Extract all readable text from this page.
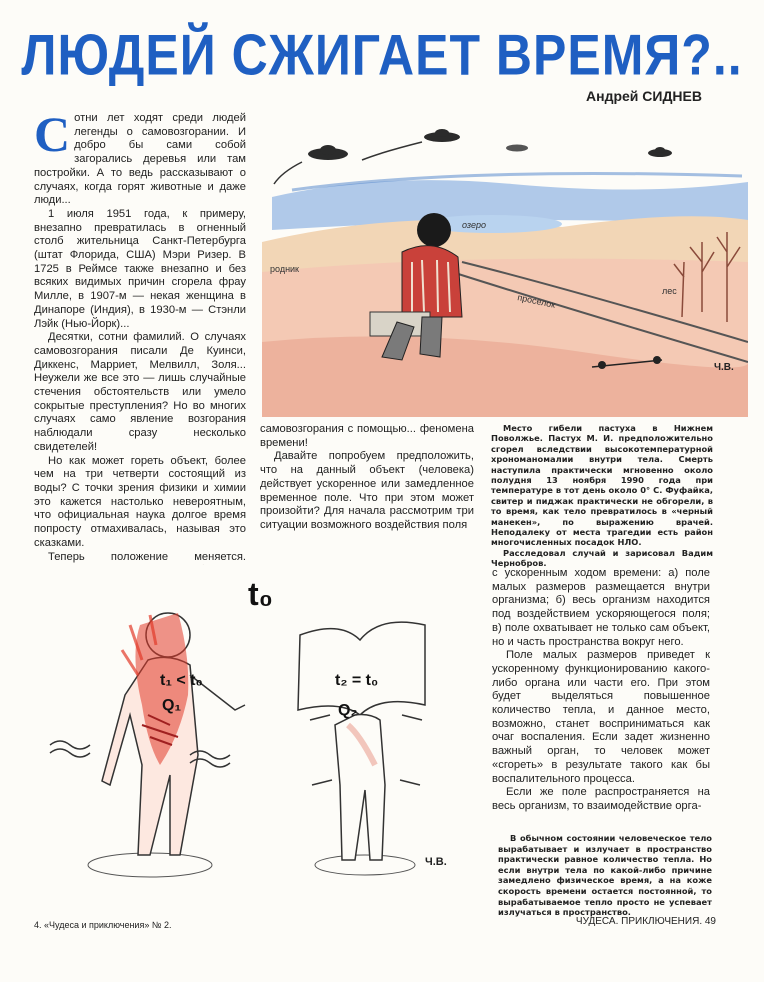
ЛЮДЕЙ СЖИГАЕТ ВРЕМЯ?..
Андрей СИДНЕВ

Сотни лет ходят среди людей легенды о самовозгорании. И добро бы сами собой загорались деревья или там постройки. А то ведь рассказывают о случаях, когда горят животные и даже люди...

1 июля 1951 года, к примеру, внезапно превратилась в огненный столб жительница Санкт-Петербурга (штат Флорида, США) Мэри Ризер. В 1725 в Реймсе также внезапно и без всяких видимых причин сгорела фрау Милле, в 1907-м — некая женщина в Динапоре (Индия), в 1930-м — Стэнли Лэйк (Нью-Йорк)...

Десятки, сотни фамилий. О случаях самовозгорания писали Де Куинси, Диккенс, Марриет, Мелвилл, Золя... Неужели же все это — лишь случайные стечения обстоятельств или умело сокрытые преступления? Но во многих случаях само явление возгорания наблюдали сразу несколько свидетелей!

Но как может гореть объект, более чем на три четверти состоящий из воды? С точки зрения физики и химии это кажется настолько невероятным, что официальная наука долгое время попросту отмахивалась, называя это сказками.

Теперь положение меняется.

озеро
проселок
родник
лес
Ч.В.

самовозгорания с помощью... феномена времени!

Давайте попробуем предположить, что на данный объект (человека) действует ускоренное или замедленное временное поле. Что при этом может произойти? Для начала рассмотрим три ситуации возможного воздействия поля

Место гибели пастуха в Нижнем Поволжье. Пастух М. И. предположительно сгорел вследствии высокотемпературной хрономаномалии внутри тела. Смерть наступила практически мгновенно около полудня 13 ноября 1990 года при температуре в тот день около 0° С. Фуфайка, свитер и пиджак практически не обгорели, в то время, как тело превратилось в «черный манекен», по выражению врачей. Неподалеку от места трагедии есть район многочисленных посадок НЛО.

Расследовал случай и зарисовал Вадим Чернобров.

t₀
t₁ < t₀
Q₁
t₂ = t₀
Q₂
Ч.В.

с ускоренным ходом времени: а) поле малых размеров размещается внутри организма; б) весь организм находится под воздействием ускоряющегося поля; в) поле охватывает не только сам объект, но и часть пространства вокруг него.

Поле малых размеров приведет к ускоренному функционированию какого-либо органа или части его. При этом будет выделяться повышенное количество тепла, и данное место, возможно, станет восприниматься как очаг воспаления. Если задет жизненно важный орган, то человек может «сгореть» в результате такого как бы воспалительного процесса.

Если же поле распространяется на весь организм, то взаимодействие орга-

В обычном состоянии человеческое тело вырабатывает и излучает в пространство практически равное количество тепла. Но если внутри тела по какой-либо причине замедлено физическое время, а на коже скорость времени остается постоянной, то вырабатываемое тепло просто не успевает излучаться в пространство.
4. «Чудеса и приключения» № 2.	ЧУДЕСА. ПРИКЛЮЧЕНИЯ. 49
